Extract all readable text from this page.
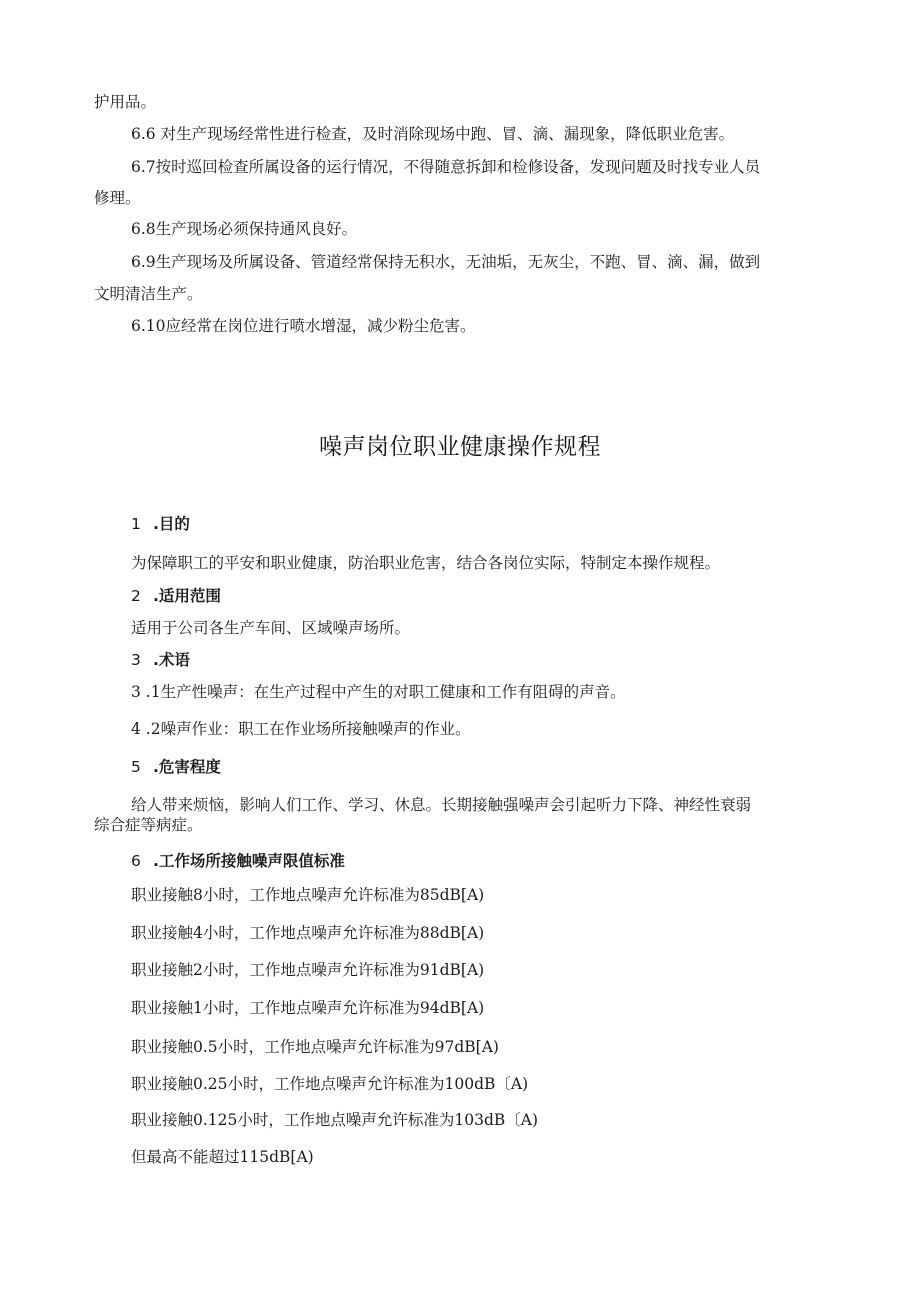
护用品。
6.6 对生产现场经常性进行检查，及时消除现场中跑、冒、滴、漏现象，降低职业危害。
6.7按时巡回检查所属设备的运行情况，不得随意拆卸和检修设备，发现问题及时找专业人员
修理。
6.8生产现场必须保持通风良好。
6.9生产现场及所属设备、管道经常保持无积水，无油垢，无灰尘，不跑、冒、滴、漏，做到
文明清洁生产。
6.10应经常在岗位进行喷水增湿，减少粉尘危害。
噪声岗位职业健康操作规程
1 .目的
为保障职工的平安和职业健康，防治职业危害，结合各岗位实际，特制定本操作规程。
2 .适用范围
适用于公司各生产车间、区域噪声场所。
3 .术语
3 .1生产性噪声：在生产过程中产生的对职工健康和工作有阻碍的声音。
4 .2噪声作业：职工在作业场所接触噪声的作业。
5 .危害程度
给人带来烦恼，影响人们工作、学习、休息。长期接触强噪声会引起听力下降、神经性衰弱
综合症等病症。
6 .工作场所接触噪声限值标准
职业接触8小时，工作地点噪声允许标准为85dB[A)
职业接触4小时，工作地点噪声允许标准为88dB[A)
职业接触2小时，工作地点噪声允许标准为91dB[A)
职业接触1小时，工作地点噪声允许标准为94dB[A)
职业接触0.5小时，工作地点噪声允许标准为97dB[A)
职业接触0.25小时，工作地点噪声允许标准为100dB〔A)
职业接触0.125小时，工作地点噪声允许标准为103dB〔A)
但最高不能超过115dB[A)
